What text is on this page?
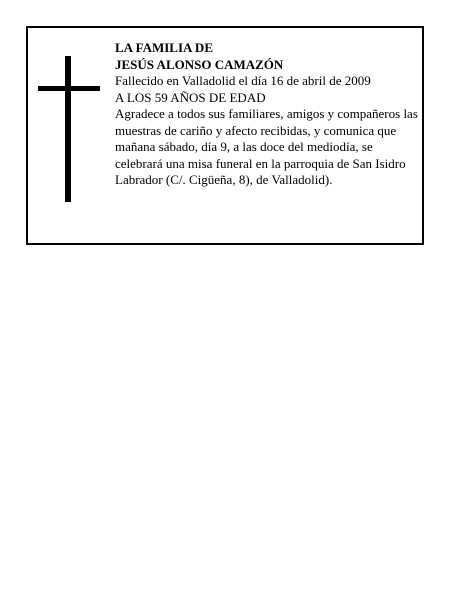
LA FAMILIA DE
JESÚS ALONSO CAMAZÓN
Fallecido en Valladolid el día 16 de abril de 2009
A LOS 59 AÑOS DE EDAD
Agradece a todos sus familiares, amigos y compañeros las muestras de cariño y afecto recibidas, y comunica que mañana sábado, día 9, a las doce del mediodía, se celebrará una misa funeral en la parroquia de San Isidro Labrador (C/. Cigüeña, 8), de Valladolid).
